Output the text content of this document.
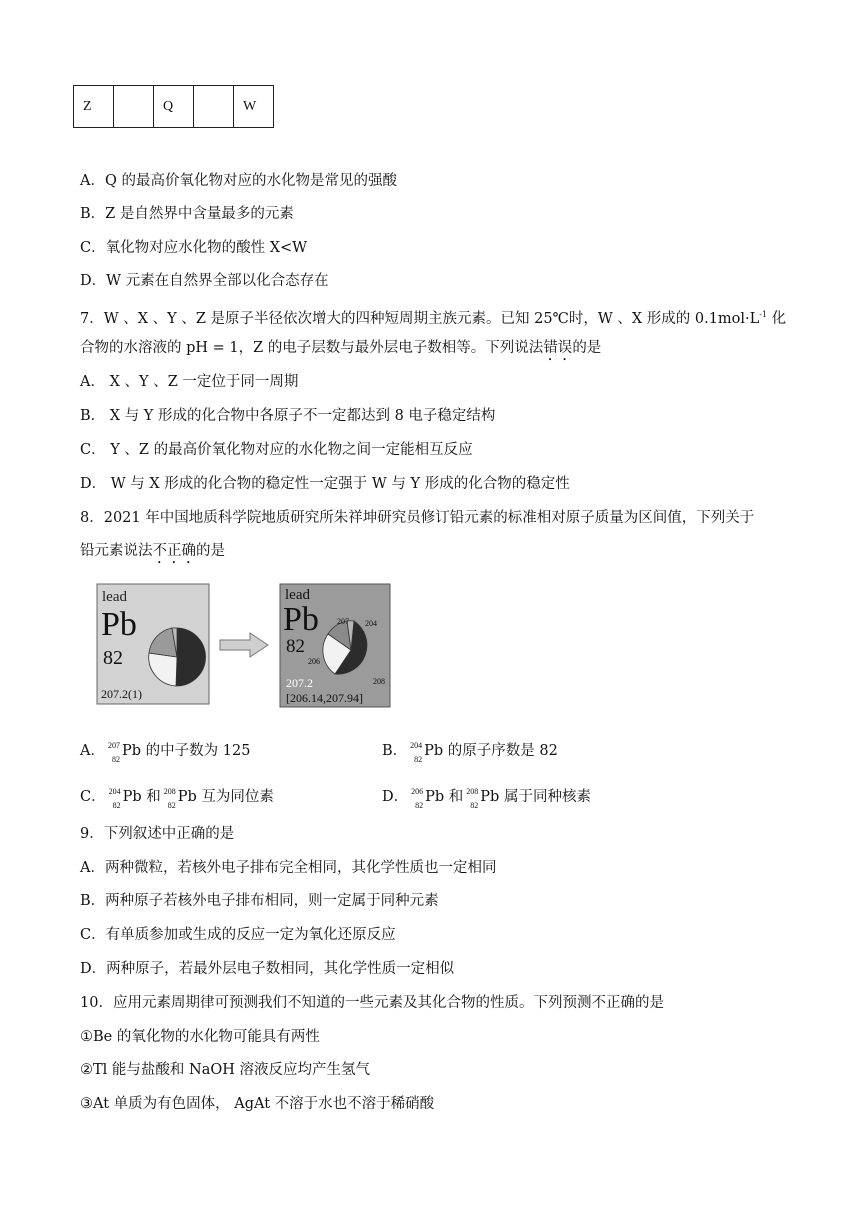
Z		Q		W
A．Q 的最高价氧化物对应的水化物是常见的强酸
B．Z 是自然界中含量最多的元素
C．氧化物对应水化物的酸性 X<W
D．W 元素在自然界全部以化合态存在
7．W 、X 、Y 、Z 是原子半径依次增大的四种短周期主族元素。已知 25℃时，W 、X 形成的 $0.1mol\cdot L^{-1}$ 化
合物的水溶液的 pH = 1，Z 的电子层数与最外层电子数相等。下列说法错误的是
A． X 、Y 、Z 一定位于同一周期
B． X 与 Y 形成的化合物中各原子不一定都达到 8 电子稳定结构
C． Y 、Z 的最高价氧化物对应的水化物之间一定能相互反应
D． W 与 X 形成的化合物的稳定性一定强于 W 与 Y 形成的化合物的稳定性
8．2021 年中国地质科学院地质研究所朱祥坤研究员修订铅元素的标准相对原子质量为区间值，下列关于
铅元素说法不正确的是
lead
Pb
82
207.2(1)
lead
Pb
82
207 204
206
208
207.2
[206.14,207.94]
A． 207
82
Pb 的中子数为 125	B． 204
82
Pb 的原子序数是 82
C． 204
82
Pb 和 208
82
Pb 互为同位素	D． 206
82
Pb 和 208
82
Pb 属于同种核素
9．下列叙述中正确的是
A．两种微粒，若核外电子排布完全相同，其化学性质也一定相同
B．两种原子若核外电子排布相同，则一定属于同种元素
C．有单质参加或生成的反应一定为氧化还原反应
D．两种原子，若最外层电子数相同，其化学性质一定相似
10．应用元素周期律可预测我们不知道的一些元素及其化合物的性质。下列预测不正确的是
①Be 的氧化物的水化物可能具有两性
②Tl 能与盐酸和 NaOH 溶液反应均产生氢气
③At 单质为有色固体， AgAt 不溶于水也不溶于稀硝酸
